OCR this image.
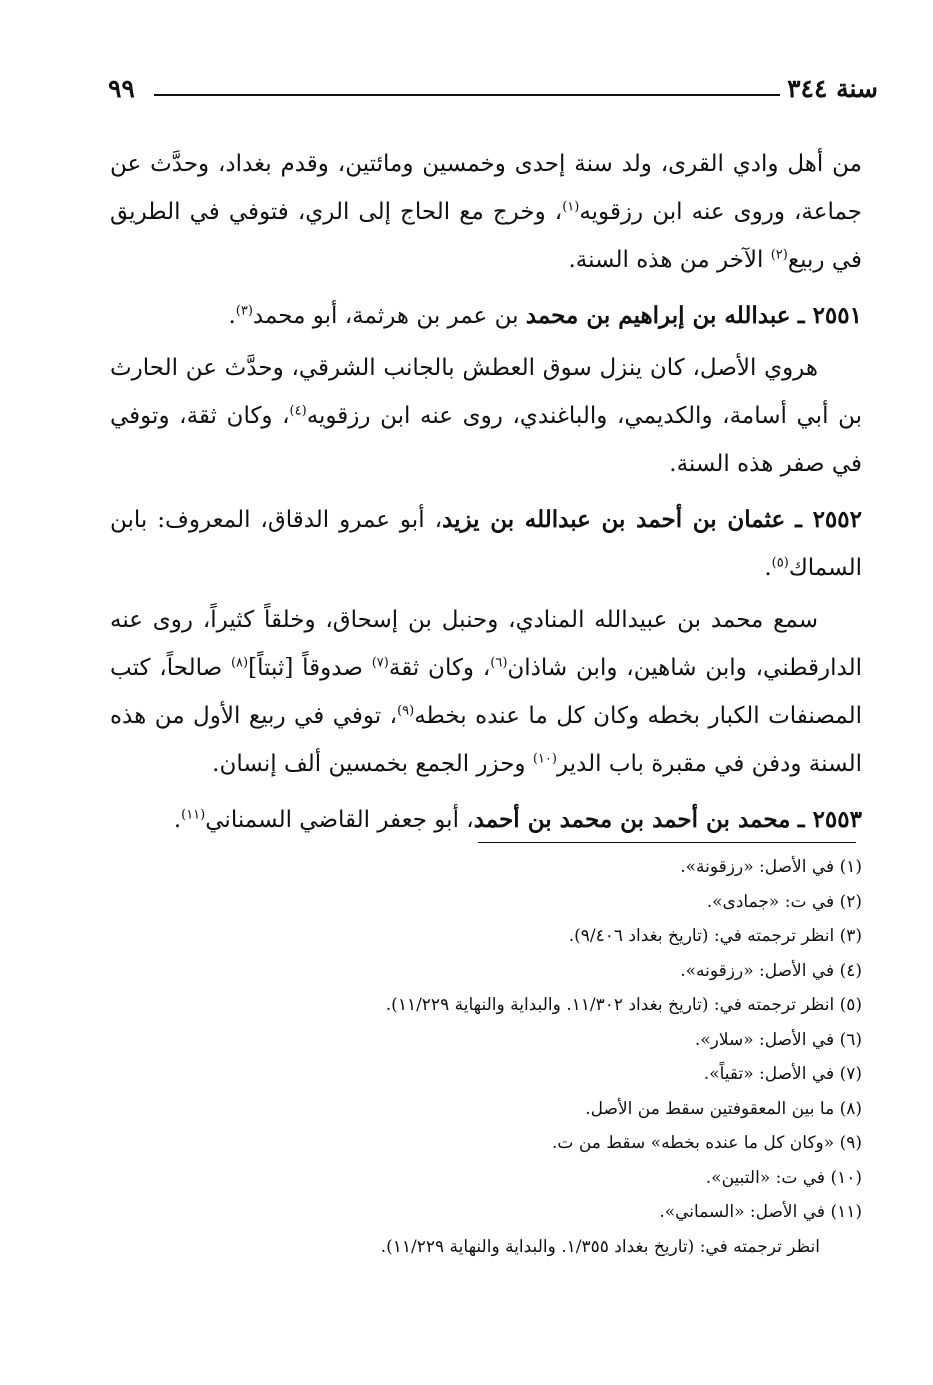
سنة ٣٤٤
٩٩

من أهل وادي القرى، ولد سنة إحدى وخمسين ومائتين، وقدم بغداد، وحدَّث عن جماعة، وروى عنه ابن رزقويه$^{(١)}$، وخرج مع الحاج إلى الري، فتوفي في الطريق في ربيع$^{(٢)}$ الآخر من هذه السنة.

٢٥٥١ ـ عبدالله بن إبراهيم بن محمد بن عمر بن هرثمة، أبو محمد$^{(٣)}$.

هروي الأصل، كان ينزل سوق العطش بالجانب الشرقي، وحدَّث عن الحارث بن أبي أسامة، والكديمي، والباغندي، روى عنه ابن رزقويه$^{(٤)}$، وكان ثقة، وتوفي في صفر هذه السنة.

٢٥٥٢ ـ عثمان بن أحمد بن عبدالله بن يزيد، أبو عمرو الدقاق، المعروف: بابن السماك$^{(٥)}$.

سمع محمد بن عبيدالله المنادي، وحنبل بن إسحاق، وخلقاً كثيراً، روى عنه الدارقطني، وابن شاهين، وابن شاذان$^{(٦)}$، وكان ثقة$^{(٧)}$ صدوقاً [ثبتاً]$^{(٨)}$ صالحاً، كتب المصنفات الكبار بخطه وكان كل ما عنده بخطه$^{(٩)}$، توفي في ربيع الأول من هذه السنة ودفن في مقبرة باب الدير$^{(١٠)}$ وحزر الجمع بخمسين ألف إنسان.

٢٥٥٣ ـ محمد بن أحمد بن محمد بن أحمد، أبو جعفر القاضي السمناني$^{(١١)}$.

(١) في الأصل: «رزقونة».

(٢) في ت: «جمادى».

(٣) انظر ترجمته في: (تاريخ بغداد ٩/٤٠٦).

(٤) في الأصل: «رزقونه».

(٥) انظر ترجمته في: (تاريخ بغداد ١١/٣٠٢. والبداية والنهاية ١١/٢٢٩).

(٦) في الأصل: «سلار».

(٧) في الأصل: «تقياً».

(٨) ما بين المعقوفتين سقط من الأصل.

(٩) «وكان كل ما عنده بخطه» سقط من ت.

(١٠) في ت: «التبين».

(١١) في الأصل: «السماني».

انظر ترجمته في: (تاريخ بغداد ١/٣٥٥. والبداية والنهاية ١١/٢٢٩).
